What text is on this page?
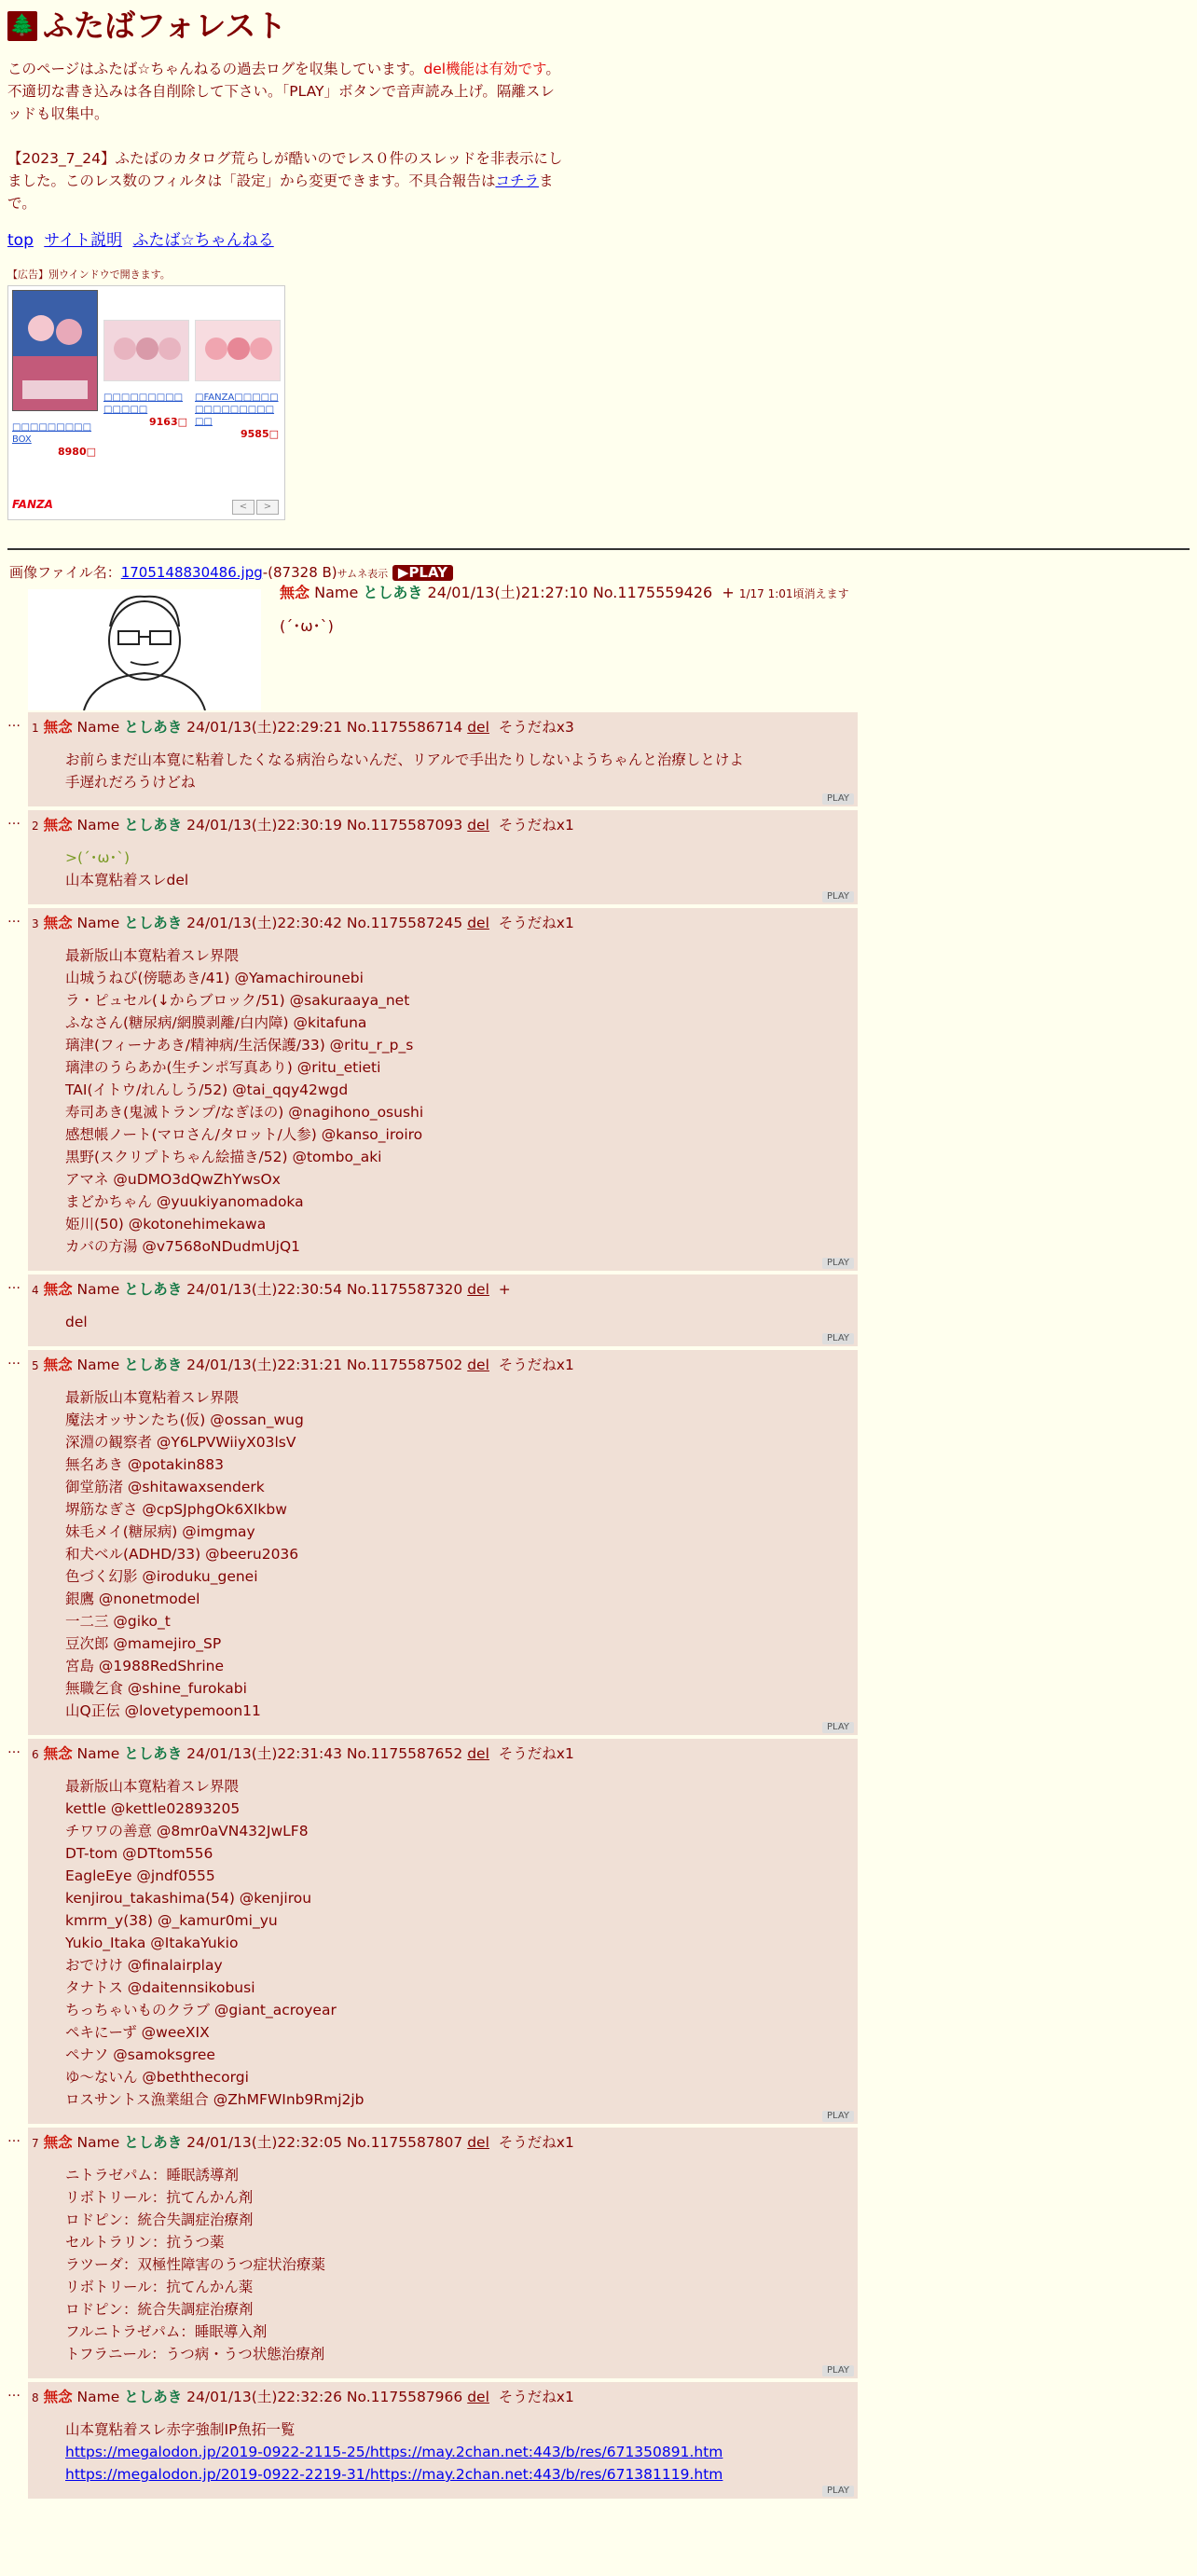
🌲 ふたばフォレスト
このページはふたば☆ちゃんねるの過去ログを収集しています。del機能は有効です。不適切な書き込みは各自削除して下さい。「PLAY」ボタンで音声読み上げ。隔離スレッドも収集中。
【2023_7_24】ふたばのカタログ荒らしが酷いのでレス０件のスレッドを非表示にしました。このレス数のフィルタは「設定」から変更できます。不具合報告はコチラまで。
top サイト説明 ふたば☆ちゃんねる
【広告】別ウインドウで開きます。
□□□□□□□□□BOX
8980□
□□□□□□□□□□□□□□
9163□
□FANZA□□□□□□□□□□□□□□□□
9585□
FANZA	<	>
画像ファイル名：1705148830486.jpg-(87328 B)サムネ表示 ▶PLAY
無念 Name としあき 24/01/13(土)21:27:10 No.1175559426 + 1/17 1:01頃消えます
(´･ω･`)
…	1 無念 Name としあき 24/01/13(土)22:29:21 No.1175586714 del そうだねx3
お前らまだ山本寛に粘着したくなる病治らないんだ、リアルで手出たりしないようちゃんと治療しとけよ
手遅れだろうけどね
PLAY
…	2 無念 Name としあき 24/01/13(土)22:30:19 No.1175587093 del そうだねx1
>(´･ω･`)
山本寛粘着スレdel
PLAY
…	3 無念 Name としあき 24/01/13(土)22:30:42 No.1175587245 del そうだねx1
最新版山本寛粘着スレ界隈
山城うねび(傍聴あき/41) @Yamachirounebi
ラ・ピュセル(↓からブロック/51) @sakuraaya_net
ふなさん(糖尿病/網膜剥離/白内障) @kitafuna
璃津(フィーナあき/精神病/生活保護/33) @ritu_r_p_s
璃津のうらあか(生チンポ写真あり) @ritu_etieti
TAI(イトウ/れんしう/52) @tai_qqy42wgd
寿司あき(鬼滅トランプ/なぎほの) @nagihono_osushi
感想帳ノート(マロさん/タロット/人参) @kanso_iroiro
黒野(スクリプトちゃん絵描き/52) @tombo_aki
アマネ @uDMO3dQwZhYwsOx
まどかちゃん @yuukiyanomadoka
姫川(50) @kotonehimekawa
カバの方湯 @v7568oNDudmUjQ1
PLAY
…	4 無念 Name としあき 24/01/13(土)22:30:54 No.1175587320 del +
del
PLAY
…	5 無念 Name としあき 24/01/13(土)22:31:21 No.1175587502 del そうだねx1
最新版山本寛粘着スレ界隈
魔法オッサンたち(仮) @ossan_wug
深淵の観察者 @Y6LPVWiiyX03lsV
無名あき @potakin883
御堂筋渚 @shitawaxsenderk
堺筋なぎさ @cpSJphgOk6XIkbw
妹毛メイ(糖尿病) @imgmay
和犬ベル(ADHD/33) @beeru2036
色づく幻影 @iroduku_genei
銀鷹 @nonetmodel
一二三 @giko_t
豆次郎 @mamejiro_SP
宮島 @1988RedShrine
無職乞食 @shine_furokabi
山Q正伝 @lovetypemoon11
PLAY
…	6 無念 Name としあき 24/01/13(土)22:31:43 No.1175587652 del そうだねx1
最新版山本寛粘着スレ界隈
kettle @kettle02893205
チワワの善意 @8mr0aVN432JwLF8
DT-tom @DTtom556
EagleEye @jndf0555
kenjirou_takashima(54) @kenjirou
kmrm_y(38) @_kamur0mi_yu
Yukio_Itaka @ItakaYukio
おでけけ @finalairplay
タナトス @daitennsikobusi
ちっちゃいものクラブ @giant_acroyear
ペキにーず @weeXIX
ペナソ @samoksgree
ゆ〜ないん @beththecorgi
ロスサントス漁業組合 @ZhMFWInb9Rmj2jb
PLAY
…	7 無念 Name としあき 24/01/13(土)22:32:05 No.1175587807 del そうだねx1
ニトラゼパム：睡眠誘導剤
リボトリール：抗てんかん剤
ロドピン：統合失調症治療剤
セルトラリン：抗うつ薬
ラツーダ：双極性障害のうつ症状治療薬
リボトリール：抗てんかん薬
ロドピン：統合失調症治療剤
フルニトラゼパム：睡眠導入剤
トフラニール：うつ病・うつ状態治療剤
PLAY
…	8 無念 Name としあき 24/01/13(土)22:32:26 No.1175587966 del そうだねx1
山本寛粘着スレ赤字強制IP魚拓一覧
https://megalodon.jp/2019-0922-2115-25/https://may.2chan.net:443/b/res/671350891.htm
https://megalodon.jp/2019-0922-2219-31/https://may.2chan.net:443/b/res/671381119.htm
PLAY
